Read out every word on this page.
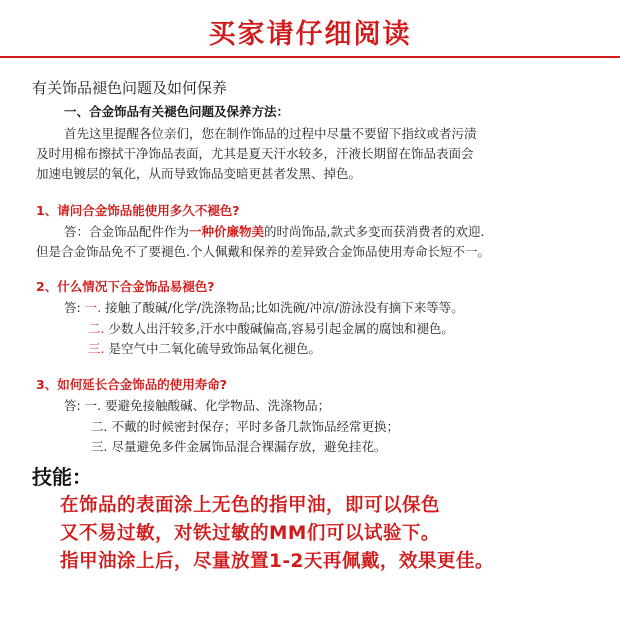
买家请仔细阅读
有关饰品褪色问题及如何保养
一、合金饰品有关褪色问题及保养方法：
首先这里提醒各位亲们，您在制作饰品的过程中尽量不要留下指纹或者污渍
及时用棉布擦拭干净饰品表面，尤其是夏天汗水较多，汗液长期留在饰品表面会
加速电镀层的氧化，从而导致饰品变暗更甚者发黑、掉色。
1、请问合金饰品能使用多久不褪色?
答：合金饰品配件作为一种价廉物美的时尚饰品,款式多变而获消费者的欢迎.
但是合金饰品免不了要褪色.个人佩戴和保养的差异致合金饰品使用寿命长短不一。
2、什么情况下合金饰品易褪色?
答: 一. 接触了酸碱/化学/洗涤物品;比如洗碗/冲凉/游泳没有摘下来等等。
二. 少数人出汗较多,汗水中酸碱偏高,容易引起金属的腐蚀和褪色。
三. 是空气中二氧化硫导致饰品氧化褪色。
3、如何延长合金饰品的使用寿命?
答: 一. 要避免接触酸碱、化学物品、洗涤物品；
二. 不戴的时候密封保存；平时多备几款饰品经常更换；
三. 尽量避免多件金属饰品混合裸漏存放，避免挂花。
技能：
在饰品的表面涂上无色的指甲油，即可以保色
又不易过敏，对铁过敏的MM们可以试验下。
指甲油涂上后，尽量放置1-2天再佩戴，效果更佳。
